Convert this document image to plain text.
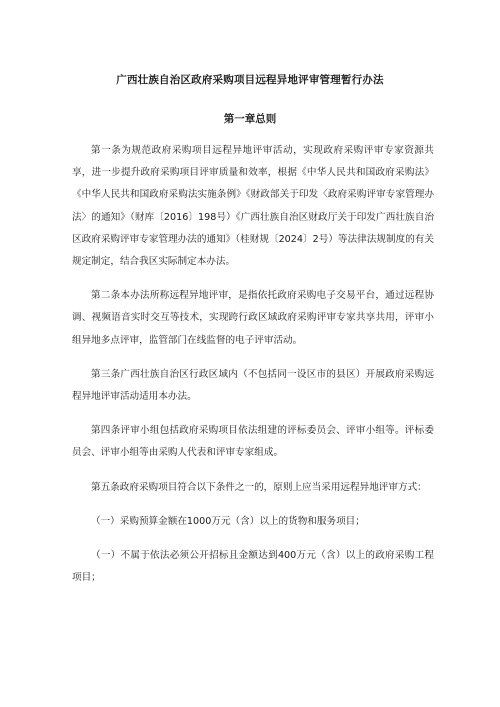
广西壮族自治区政府采购项目远程异地评审管理暂行办法
第一章总则

第一条为规范政府采购项目远程异地评审活动，实现政府采购评审专家资源共享，进一步提升政府采购项目评审质量和效率，根据《中华人民共和国政府采购法》《中华人民共和国政府采购法实施条例》《财政部关于印发〈政府采购评审专家管理办法〉的通知》（财库〔2016〕198号）《广西壮族自治区财政厅关于印发广西壮族自治区政府采购评审专家管理办法的通知》（桂财规〔2024〕2号）等法律法规制度的有关规定制定，结合我区实际制定本办法。

第二条本办法所称远程异地评审，是指依托政府采购电子交易平台，通过远程协调、视频语音实时交互等技术，实现跨行政区域政府采购评审专家共享共用，评审小组异地多点评审，监管部门在线监督的电子评审活动。

第三条广西壮族自治区行政区域内（不包括同一设区市的县区）开展政府采购远程异地评审活动适用本办法。

第四条评审小组包括政府采购项目依法组建的评标委员会、评审小组等。评标委员会、评审小组等由采购人代表和评审专家组成。

第五条政府采购项目符合以下条件之一的，原则上应当采用远程异地评审方式：

（一）采购预算金额在1000万元（含）以上的货物和服务项目；

（一）不属于依法必须公开招标且金额达到400万元（含）以上的政府采购工程项目；
